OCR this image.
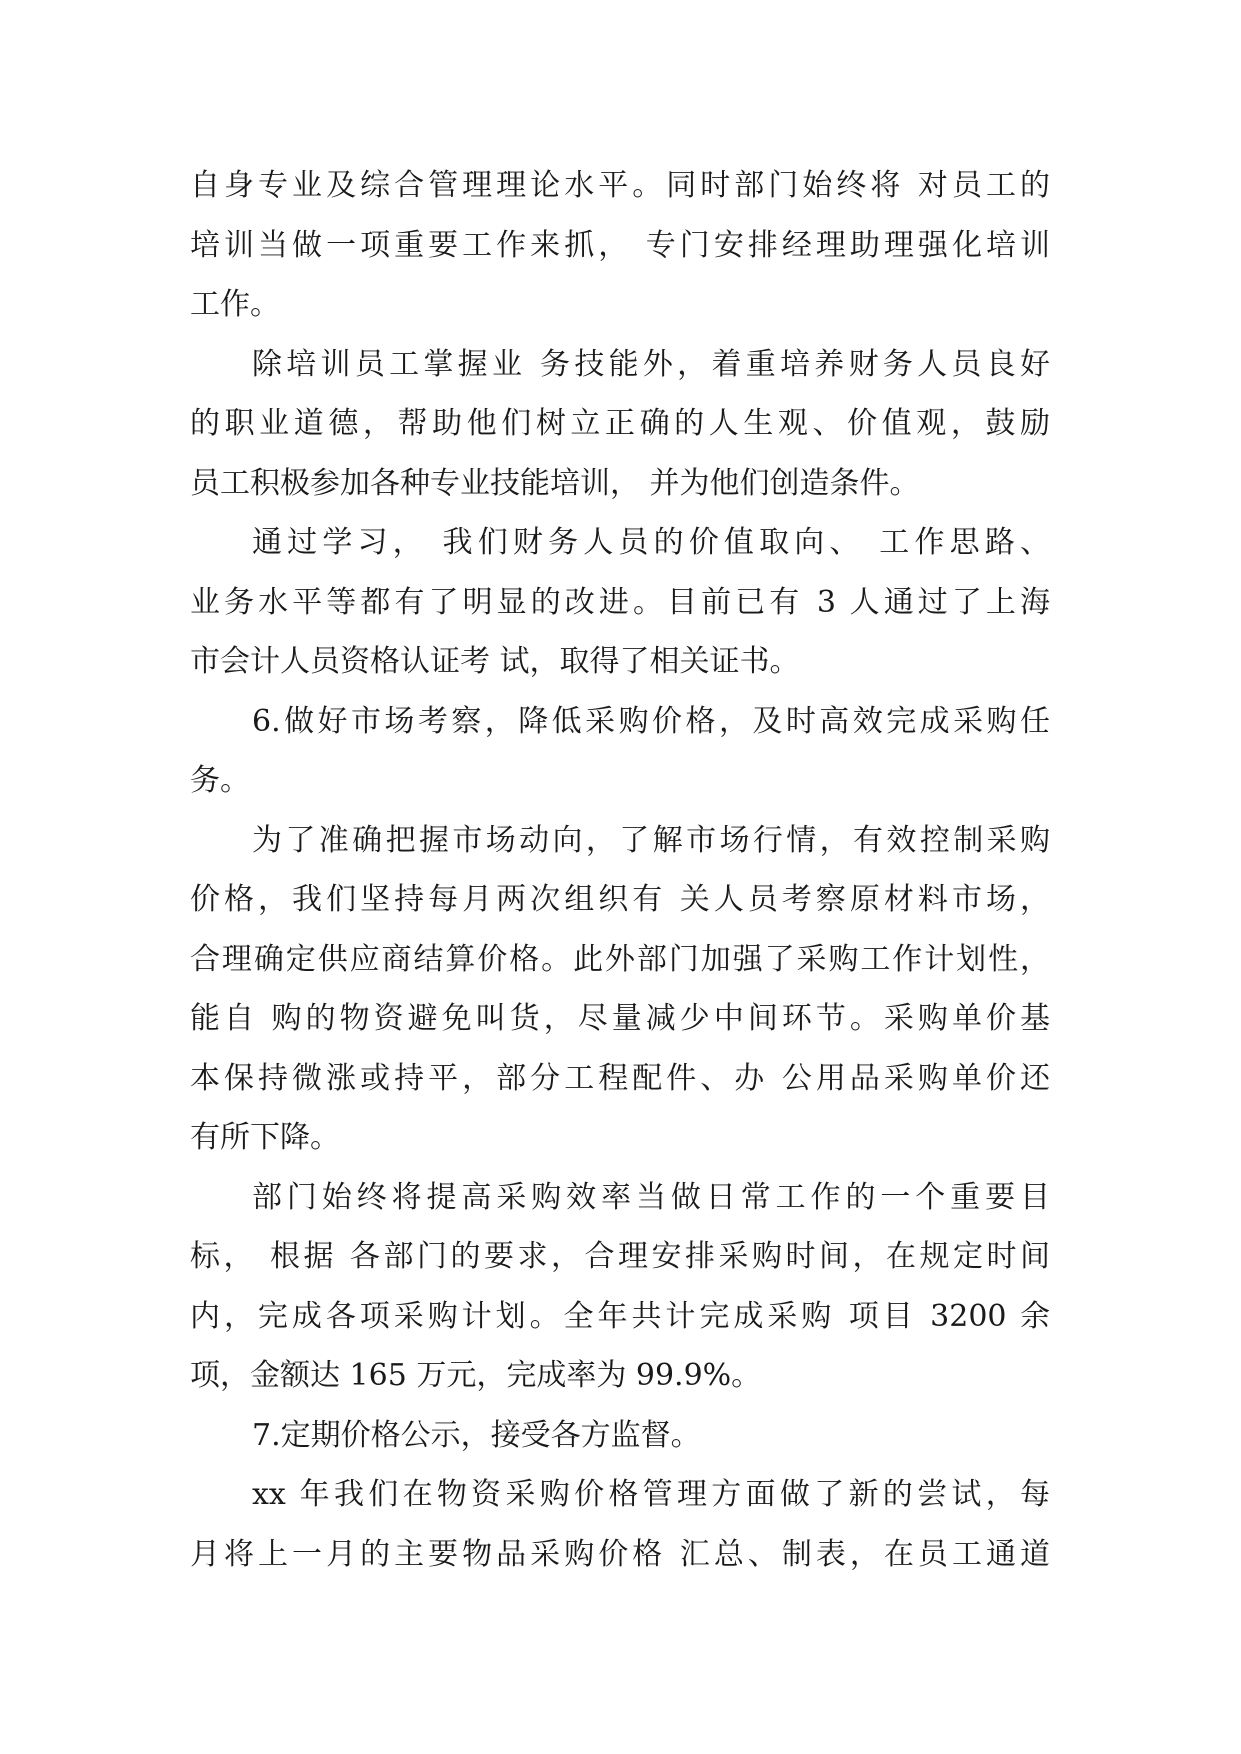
自身专业及综合管理理论水平。同时部门始终将 对员工的
培训当做一项重要工作来抓， 专门安排经理助理强化培训
工作。
除培训员工掌握业 务技能外，着重培养财务人员良好
的职业道德，帮助他们树立正确的人生观、价值观，鼓励
员工积极参加各种专业技能培训， 并为他们创造条件。
通过学习， 我们财务人员的价值取向、 工作思路、
业务水平等都有了明显的改进。目前已有 3 人通过了上海
市会计人员资格认证考 试，取得了相关证书。
6.做好市场考察，降低采购价格，及时高效完成采购任
务。
为了准确把握市场动向，了解市场行情，有效控制采购
价格，我们坚持每月两次组织有 关人员考察原材料市场，
合理确定供应商结算价格。此外部门加强了采购工作计划性，
能自 购的物资避免叫货，尽量减少中间环节。采购单价基
本保持微涨或持平，部分工程配件、办 公用品采购单价还
有所下降。
部门始终将提高采购效率当做日常工作的一个重要目
标， 根据 各部门的要求，合理安排采购时间，在规定时间
内，完成各项采购计划。全年共计完成采购 项目 3200 余
项，金额达 165 万元，完成率为 99.9%。
7.定期价格公示，接受各方监督。
xx 年我们在物资采购价格管理方面做了新的尝试，每
月将上一月的主要物品采购价格 汇总、制表，在员工通道
